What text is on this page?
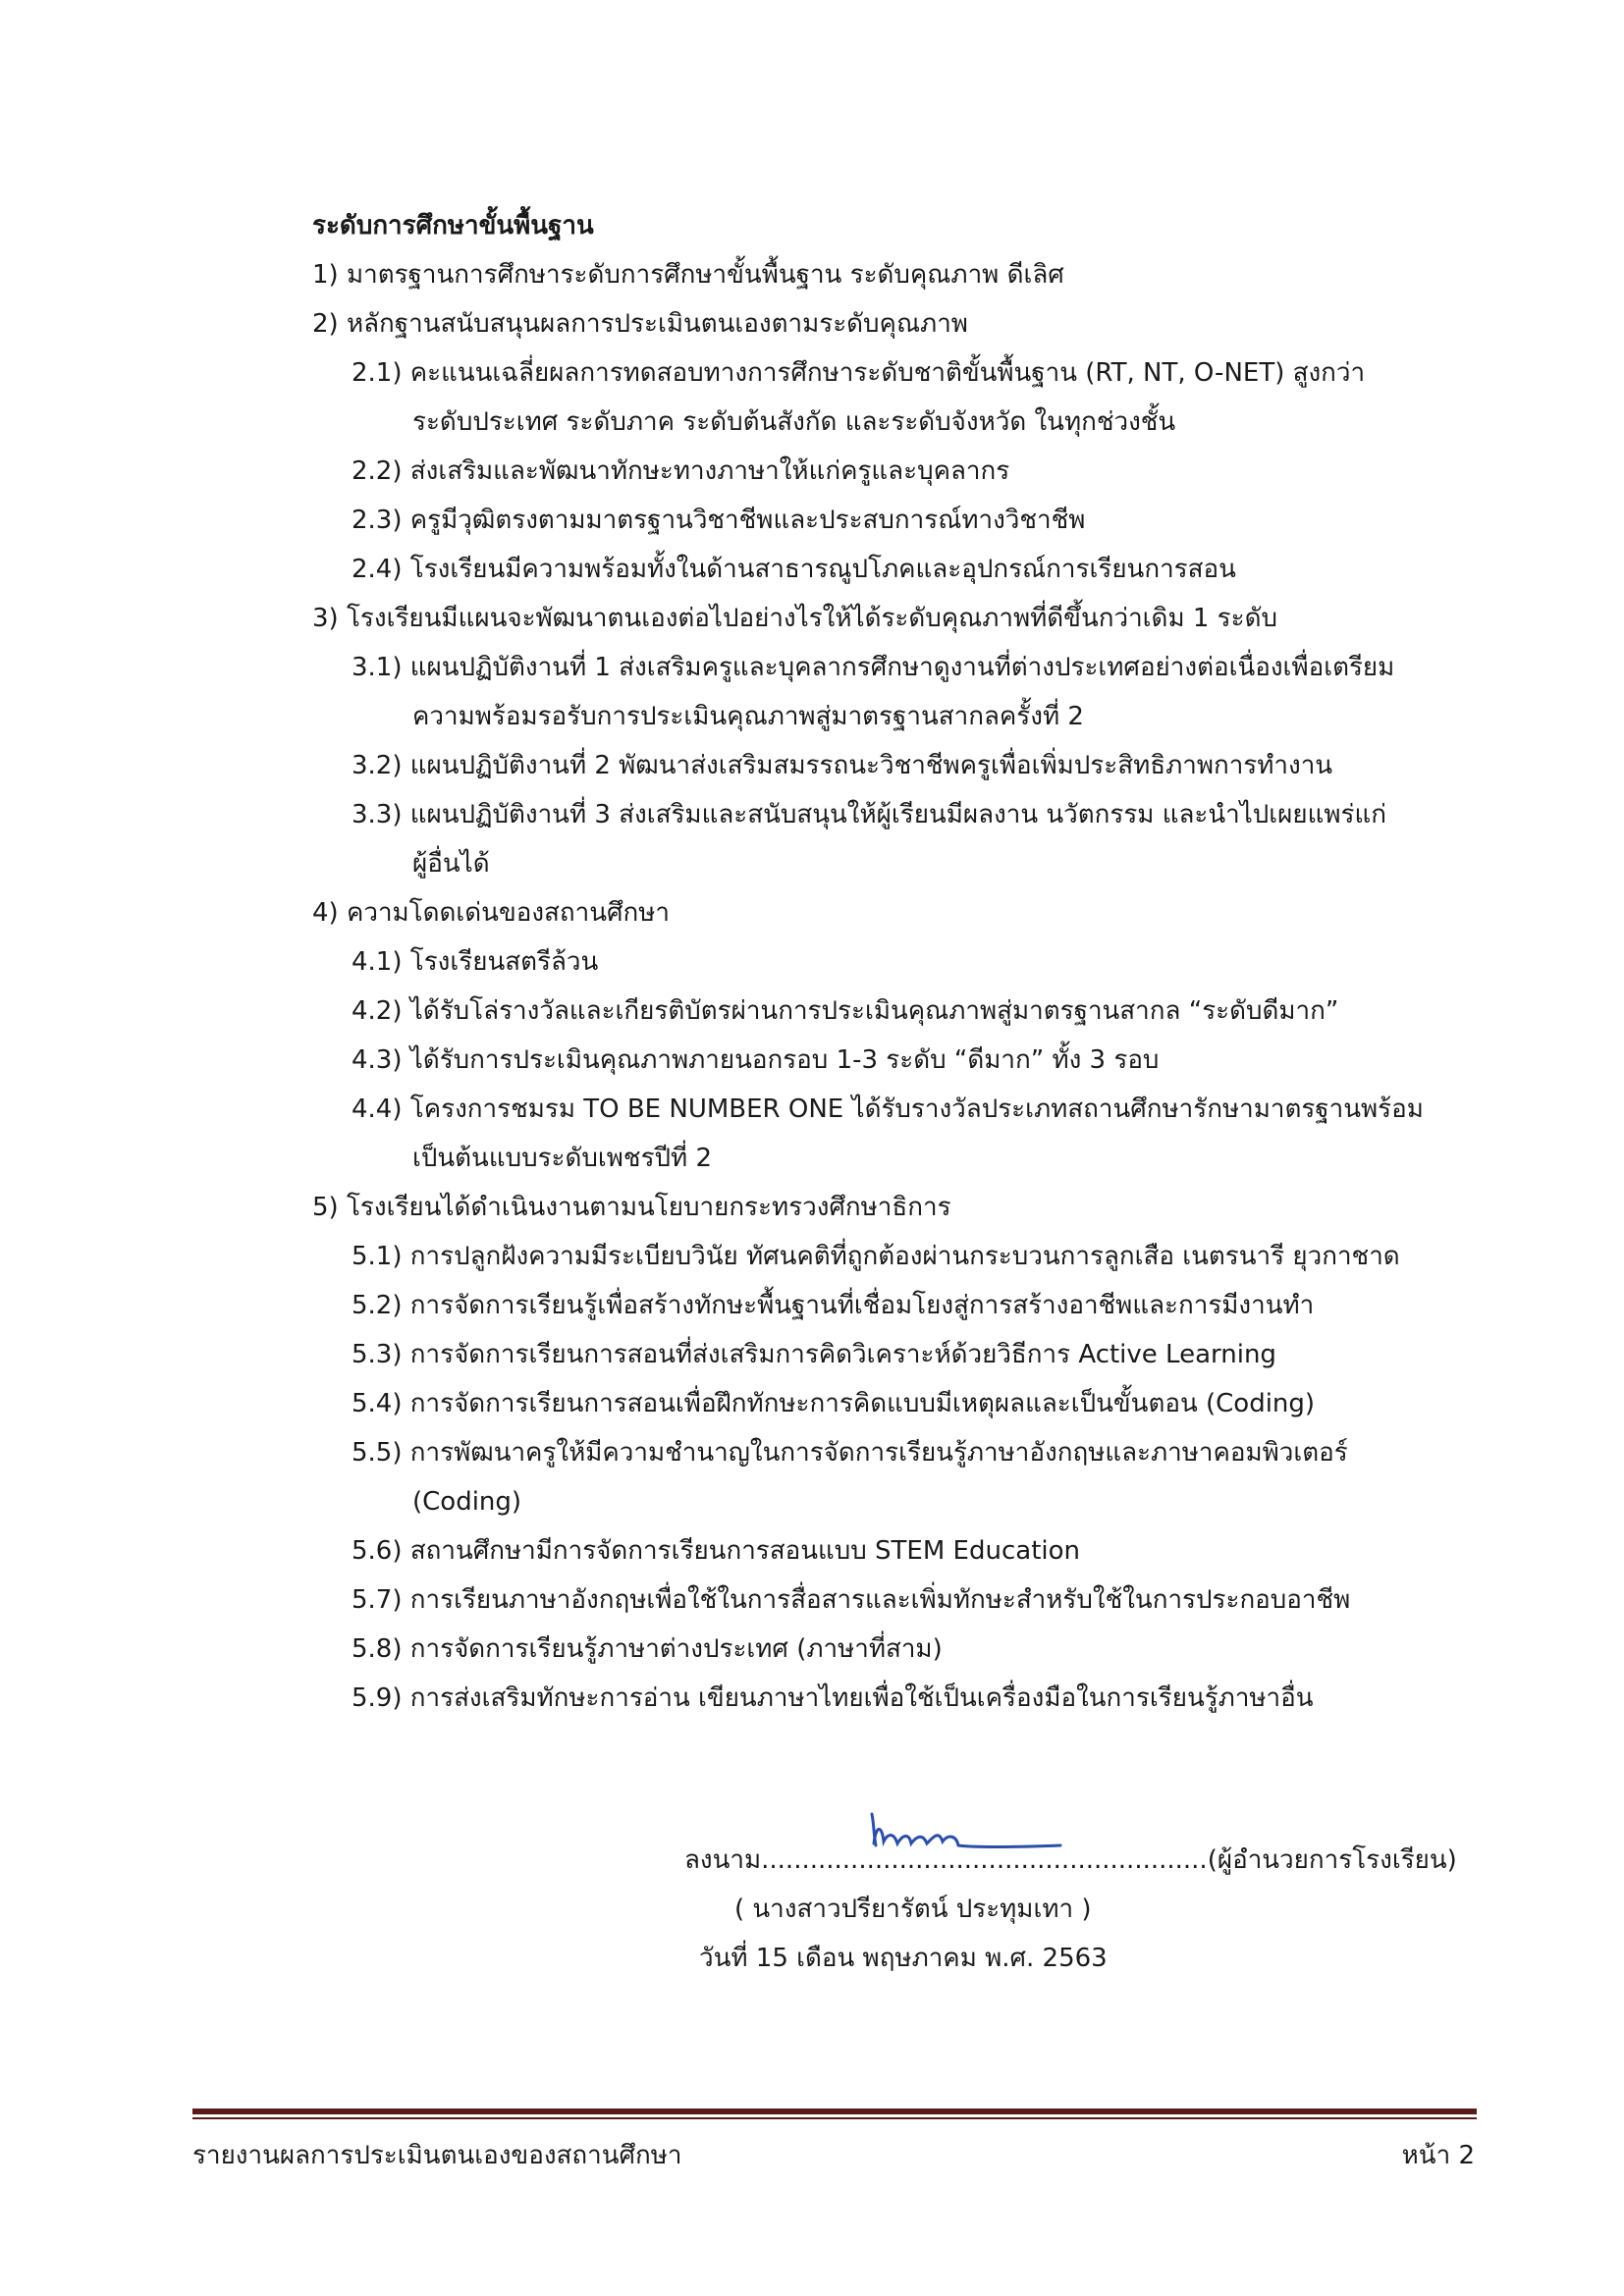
ระดับการศึกษาขั้นพื้นฐาน
1) มาตรฐานการศึกษาระดับการศึกษาขั้นพื้นฐาน ระดับคุณภาพ ดีเลิศ
2) หลักฐานสนับสนุนผลการประเมินตนเองตามระดับคุณภาพ
2.1) คะแนนเฉลี่ยผลการทดสอบทางการศึกษาระดับชาติขั้นพื้นฐาน (RT, NT, O-NET) สูงกว่า
ระดับประเทศ ระดับภาค ระดับต้นสังกัด และระดับจังหวัด ในทุกช่วงชั้น
2.2) ส่งเสริมและพัฒนาทักษะทางภาษาให้แก่ครูและบุคลากร
2.3) ครูมีวุฒิตรงตามมาตรฐานวิชาชีพและประสบการณ์ทางวิชาชีพ
2.4) โรงเรียนมีความพร้อมทั้งในด้านสาธารณูปโภคและอุปกรณ์การเรียนการสอน
3) โรงเรียนมีแผนจะพัฒนาตนเองต่อไปอย่างไรให้ได้ระดับคุณภาพที่ดีขึ้นกว่าเดิม 1 ระดับ
3.1) แผนปฏิบัติงานที่ 1 ส่งเสริมครูและบุคลากรศึกษาดูงานที่ต่างประเทศอย่างต่อเนื่องเพื่อเตรียม
ความพร้อมรอรับการประเมินคุณภาพสู่มาตรฐานสากลครั้งที่ 2
3.2) แผนปฏิบัติงานที่ 2 พัฒนาส่งเสริมสมรรถนะวิชาชีพครูเพื่อเพิ่มประสิทธิภาพการทำงาน
3.3) แผนปฏิบัติงานที่ 3 ส่งเสริมและสนับสนุนให้ผู้เรียนมีผลงาน นวัตกรรม และนำไปเผยแพร่แก่
ผู้อื่นได้
4) ความโดดเด่นของสถานศึกษา
4.1) โรงเรียนสตรีล้วน
4.2) ได้รับโล่รางวัลและเกียรติบัตรผ่านการประเมินคุณภาพสู่มาตรฐานสากล “ระดับดีมาก”
4.3) ได้รับการประเมินคุณภาพภายนอกรอบ 1-3 ระดับ “ดีมาก” ทั้ง 3 รอบ
4.4) โครงการชมรม TO BE NUMBER ONE ได้รับรางวัลประเภทสถานศึกษารักษามาตรฐานพร้อม
เป็นต้นแบบระดับเพชรปีที่ 2
5) โรงเรียนได้ดำเนินงานตามนโยบายกระทรวงศึกษาธิการ
5.1) การปลูกฝังความมีระเบียบวินัย ทัศนคติที่ถูกต้องผ่านกระบวนการลูกเสือ เนตรนารี ยุวกาชาด
5.2) การจัดการเรียนรู้เพื่อสร้างทักษะพื้นฐานที่เชื่อมโยงสู่การสร้างอาชีพและการมีงานทำ
5.3) การจัดการเรียนการสอนที่ส่งเสริมการคิดวิเคราะห์ด้วยวิธีการ Active Learning
5.4) การจัดการเรียนการสอนเพื่อฝึกทักษะการคิดแบบมีเหตุผลและเป็นขั้นตอน (Coding)
5.5) การพัฒนาครูให้มีความชำนาญในการจัดการเรียนรู้ภาษาอังกฤษและภาษาคอมพิวเตอร์
(Coding)
5.6) สถานศึกษามีการจัดการเรียนการสอนแบบ STEM Education
5.7) การเรียนภาษาอังกฤษเพื่อใช้ในการสื่อสารและเพิ่มทักษะสำหรับใช้ในการประกอบอาชีพ
5.8) การจัดการเรียนรู้ภาษาต่างประเทศ (ภาษาที่สาม)
5.9) การส่งเสริมทักษะการอ่าน เขียนภาษาไทยเพื่อใช้เป็นเครื่องมือในการเรียนรู้ภาษาอื่น
ลงนาม.......................................................(ผู้อำนวยการโรงเรียน)
( นางสาวปรียารัตน์ ประทุมเทา )
วันที่ 15 เดือน พฤษภาคม พ.ศ. 2563
รายงานผลการประเมินตนเองของสถานศึกษา	หน้า 2
